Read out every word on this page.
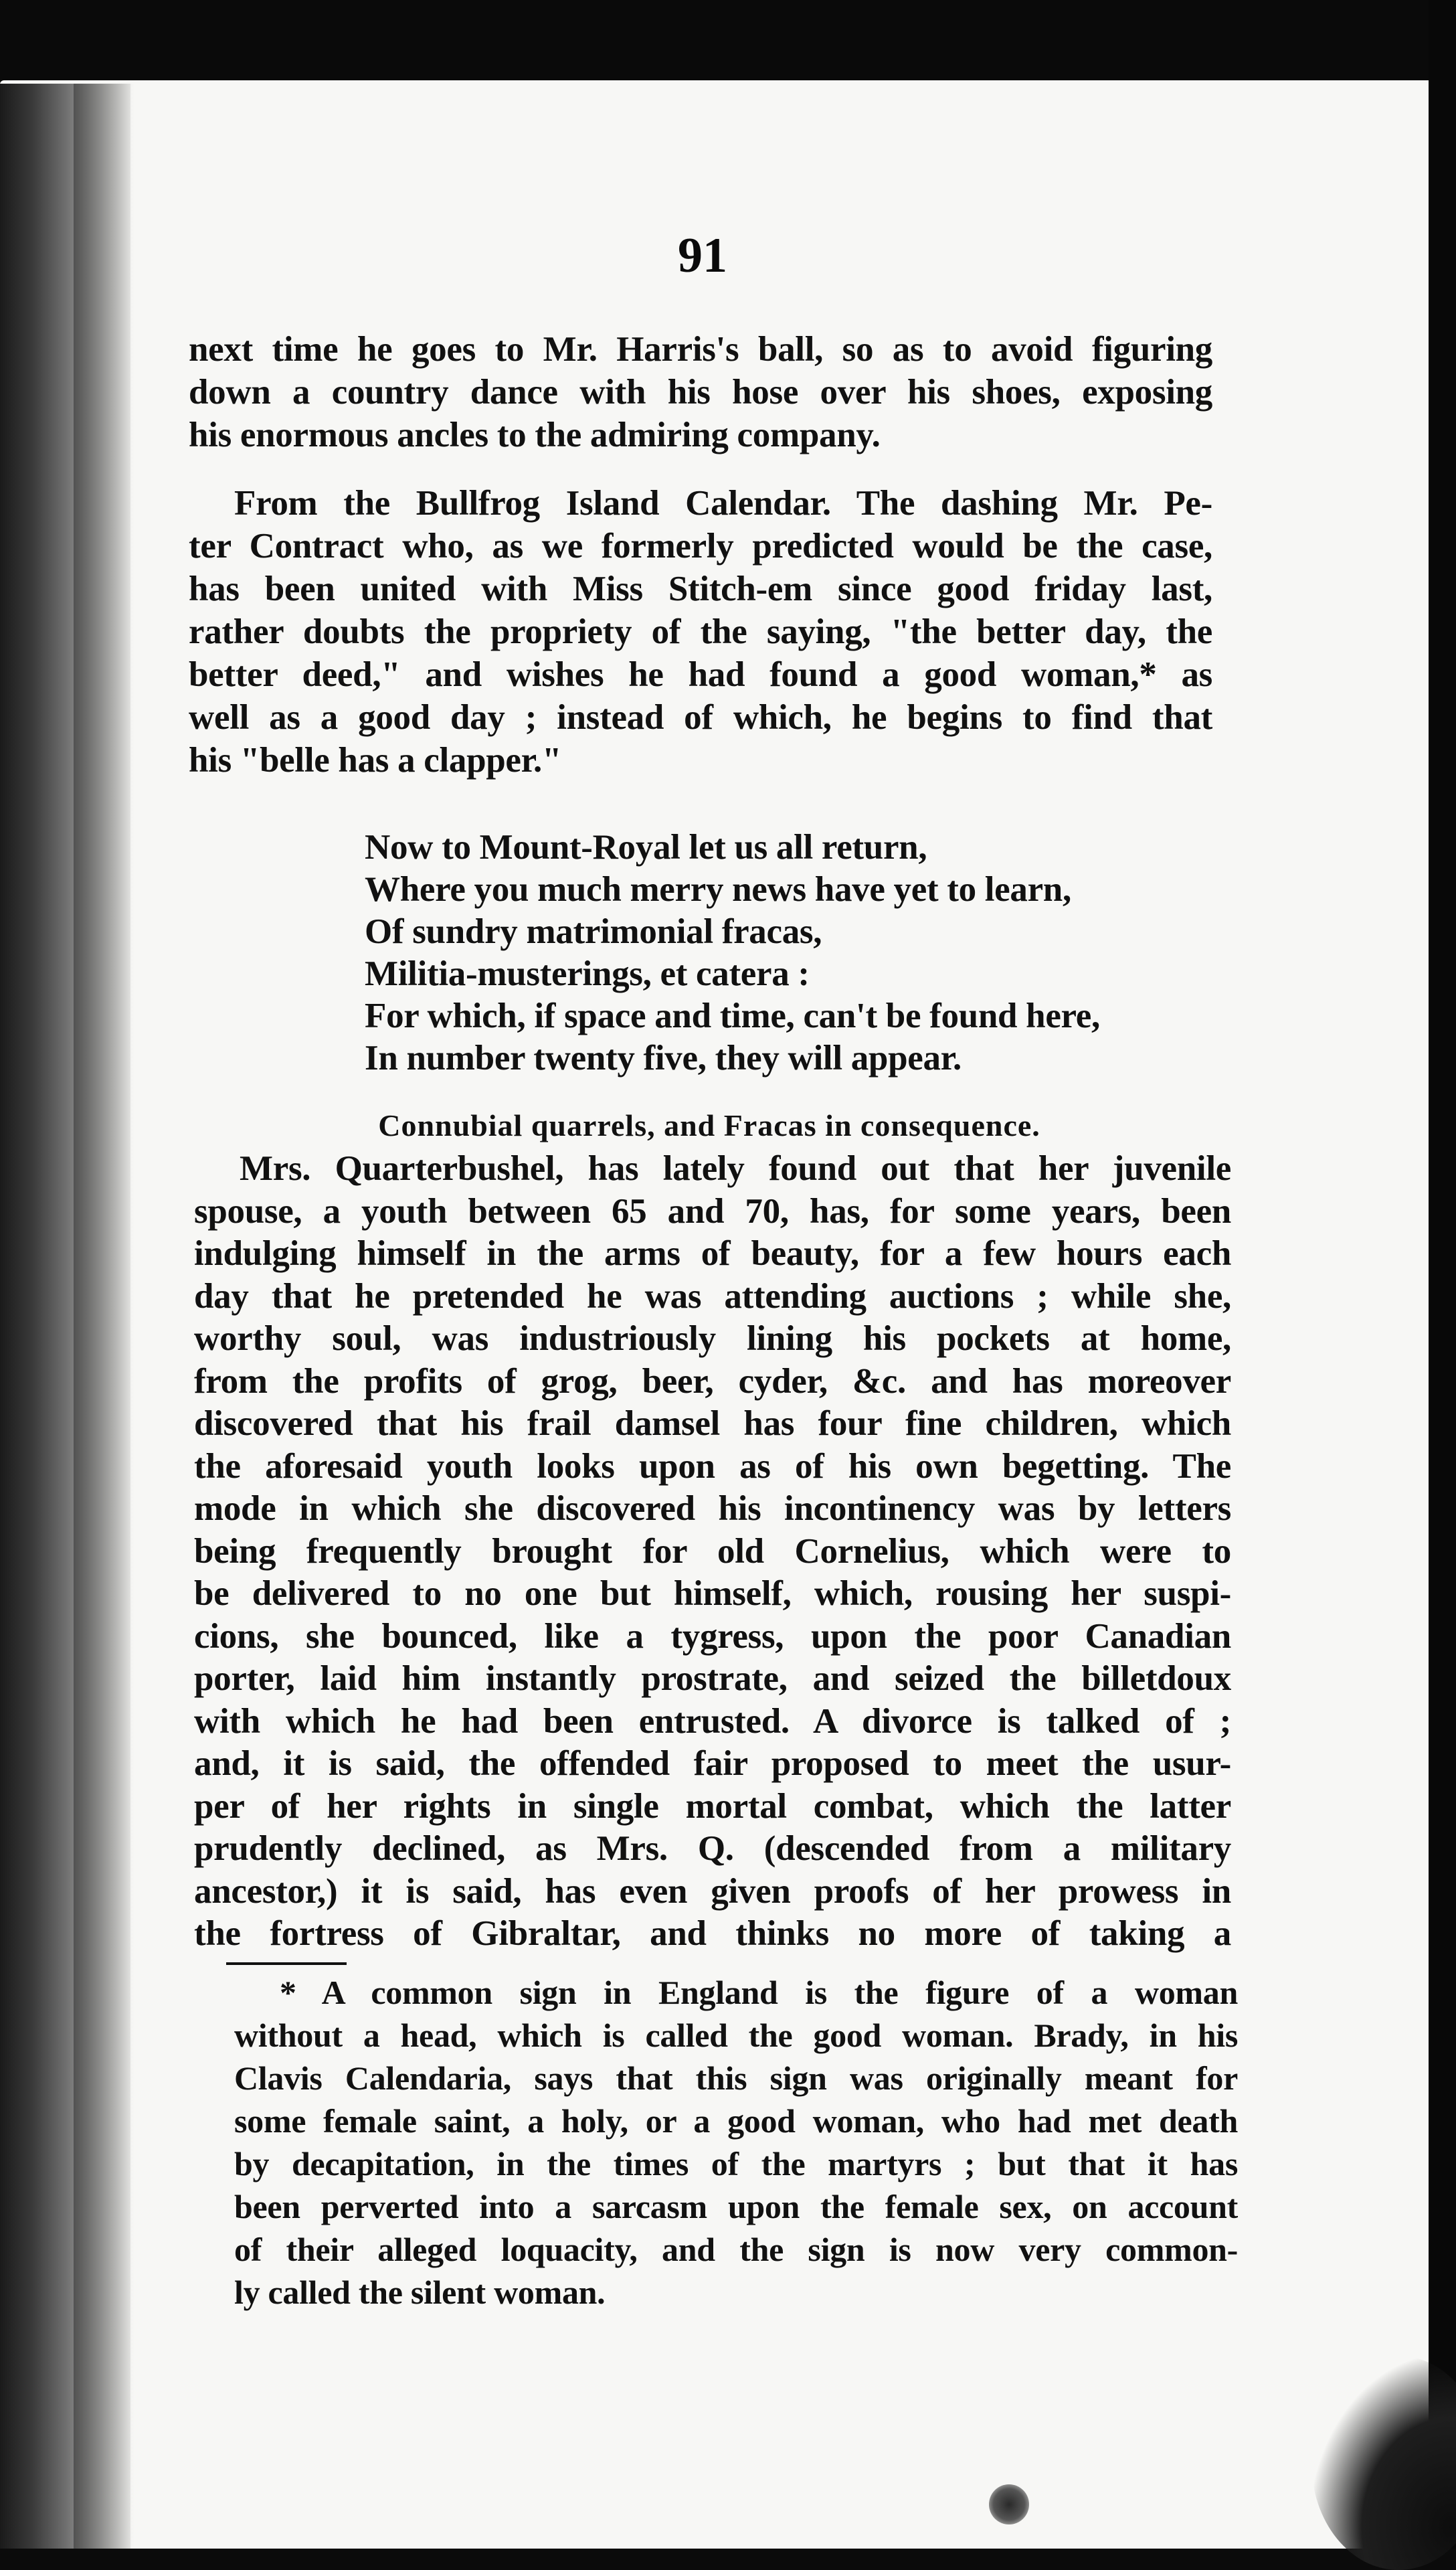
91
next time he goes to Mr. Harris's ball, so as to avoid figuring
down a country dance with his hose over his shoes, exposing
his enormous ancles to the admiring company.
From the Bullfrog Island Calendar. The dashing Mr. Pe-
ter Contract who, as we formerly predicted would be the case,
has been united with Miss Stitch-em since good friday last,
rather doubts the propriety of the saying, "the better day, the
better deed," and wishes he had found a good woman,* as
well as a good day ; instead of which, he begins to find that
his "belle has a clapper."
Now to Mount-Royal let us all return,
Where you much merry news have yet to learn,
Of sundry matrimonial fracas,
Militia-musterings, et catera :
For which, if space and time, can't be found here,
In number twenty five, they will appear.
Connubial quarrels, and Fracas in consequence.
Mrs. Quarterbushel, has lately found out that her juvenile
spouse, a youth between 65 and 70, has, for some years, been
indulging himself in the arms of beauty, for a few hours each
day that he pretended he was attending auctions ; while she,
worthy soul, was industriously lining his pockets at home,
from the profits of grog, beer, cyder, &c. and has moreover
discovered that his frail damsel has four fine children, which
the aforesaid youth looks upon as of his own begetting. The
mode in which she discovered his incontinency was by letters
being frequently brought for old Cornelius, which were to
be delivered to no one but himself, which, rousing her suspi-
cions, she bounced, like a tygress, upon the poor Canadian
porter, laid him instantly prostrate, and seized the billetdoux
with which he had been entrusted. A divorce is talked of ;
and, it is said, the offended fair proposed to meet the usur-
per of her rights in single mortal combat, which the latter
prudently declined, as Mrs. Q. (descended from a military
ancestor,) it is said, has even given proofs of her prowess in
the fortress of Gibraltar, and thinks no more of taking a
* A common sign in England is the figure of a woman
without a head, which is called the good woman. Brady, in his
Clavis Calendaria, says that this sign was originally meant for
some female saint, a holy, or a good woman, who had met death
by decapitation, in the times of the martyrs ; but that it has
been perverted into a sarcasm upon the female sex, on account
of their alleged loquacity, and the sign is now very common-
ly called the silent woman.
